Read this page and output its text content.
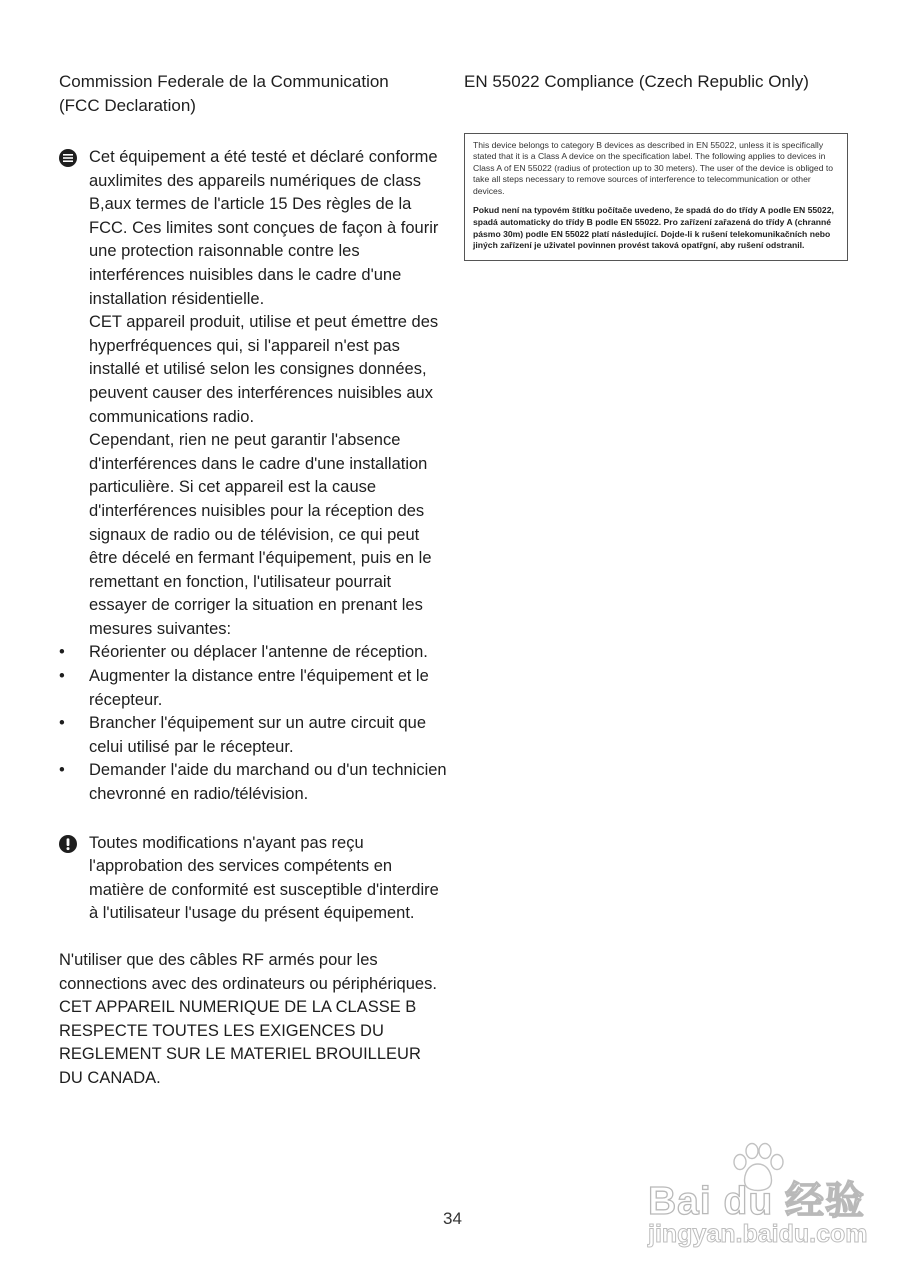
Commission Federale de la Communication
(FCC Declaration)

Cet équipement a été testé et déclaré conforme auxlimites des appareils numériques de class B,aux termes de l'article 15 Des règles de la FCC. Ces limites sont conçues de façon à fourir une protection raisonnable contre les interférences nuisibles dans le cadre d'une installation résidentielle.

CET appareil produit, utilise et peut émettre des hyperfréquences qui, si l'appareil n'est pas installé et utilisé selon les consignes données, peuvent causer des interférences nuisibles aux communications radio.

Cependant, rien ne peut garantir l'absence d'interférences dans le cadre d'une installation particulière. Si cet appareil est la cause d'interférences nuisibles pour la réception des signaux de radio ou de télévision, ce qui peut être décelé en fermant l'équipement, puis en le remettant en fonction, l'utilisateur pourrait essayer de corriger la situation en prenant les mesures suivantes:

• Réorienter ou déplacer l'antenne de réception.
• Augmenter la distance entre l'équipement et le récepteur.
• Brancher l'équipement sur un autre circuit que celui utilisé par le récepteur.
• Demander l'aide du marchand ou d'un technicien chevronné en radio/télévision.

Toutes modifications n'ayant pas reçu l'approbation des services compétents en matière de conformité est susceptible d'interdire à l'utilisateur l'usage du présent équipement.

N'utiliser que des câbles RF armés pour les connections avec des ordinateurs ou périphériques.

CET APPAREIL NUMERIQUE DE LA CLASSE B RESPECTE TOUTES LES EXIGENCES DU REGLEMENT SUR LE MATERIEL BROUILLEUR DU CANADA.

EN 55022 Compliance (Czech Republic Only)

This device belongs to category B devices as described in EN 55022, unless it is specifically stated that it is a Class A device on the specification label. The following applies to devices in Class A of EN 55022 (radius of protection up to 30 meters). The user of the device is obliged to take all steps necessary to remove sources of interference to telecommunication or other devices.

Pokud není na typovém štítku počítače uvedeno, že spadá do do třídy A podle EN 55022, spadá automaticky do třídy B podle EN 55022. Pro zařízení zařazená do třídy A (chranné pásmo 30m) podle EN 55022 platí následující. Dojde-li k rušení telekomunikačních nebo jiných zařízení je uživatel povinnen provést taková opatřgní, aby rušení odstranil.

34	Bai du 经验
jingyan.baidu.com
